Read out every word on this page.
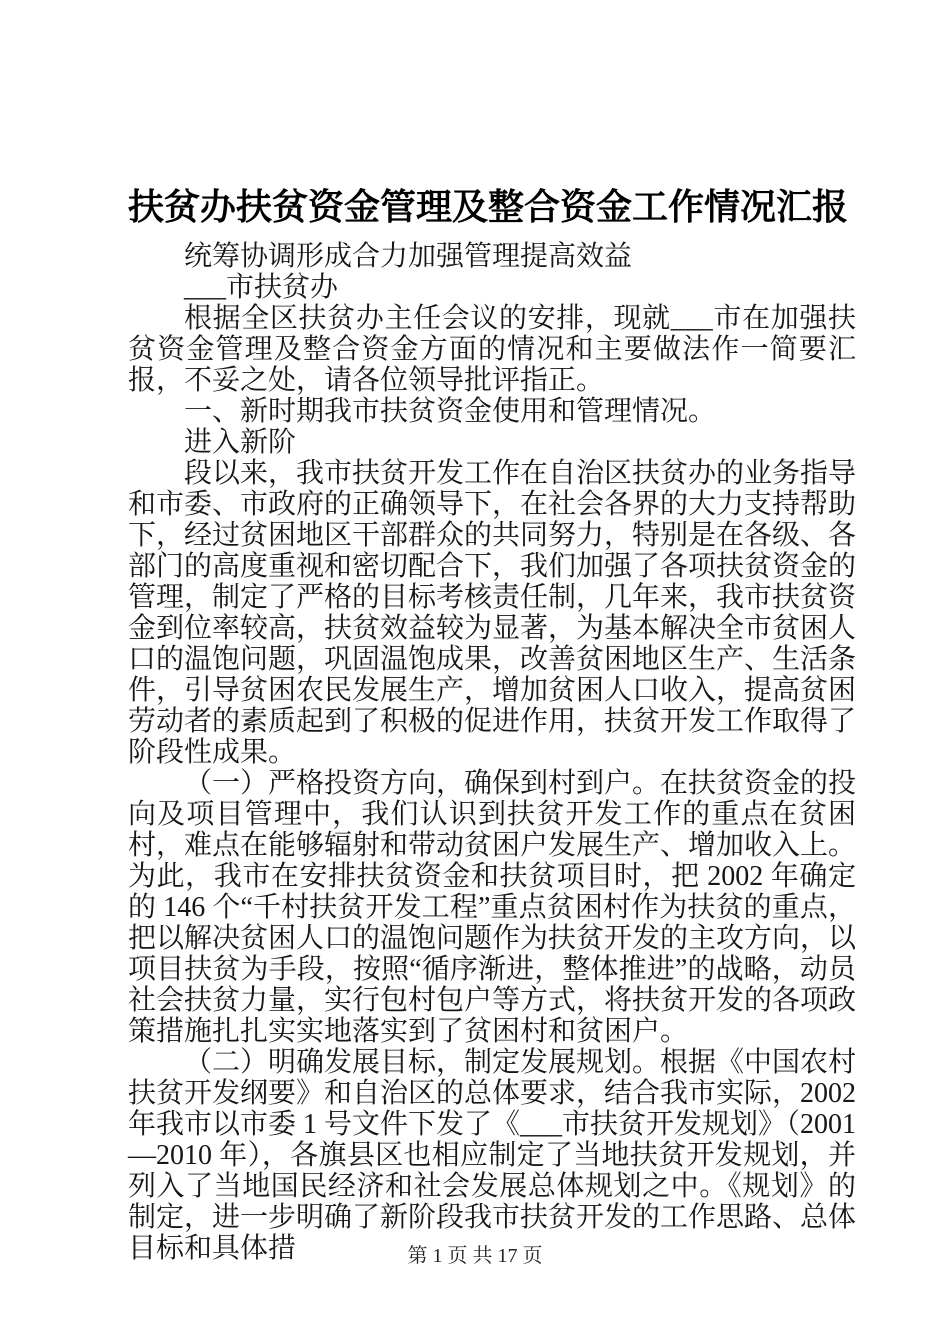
扶贫办扶贫资金管理及整合资金工作情况汇报

统筹协调形成合力加强管理提高效益

___市扶贫办

根据全区扶贫办主任会议的安排，现就___市在加强扶贫资金管理及整合资金方面的情况和主要做法作一简要汇报，不妥之处，请各位领导批评指正。

一、新时期我市扶贫资金使用和管理情况。

进入新阶

段以来，我市扶贫开发工作在自治区扶贫办的业务指导和市委、市政府的正确领导下，在社会各界的大力支持帮助下，经过贫困地区干部群众的共同努力，特别是在各级、各部门的高度重视和密切配合下，我们加强了各项扶贫资金的管理，制定了严格的目标考核责任制，几年来，我市扶贫资金到位率较高，扶贫效益较为显著，为基本解决全市贫困人口的温饱问题，巩固温饱成果，改善贫困地区生产、生活条件，引导贫困农民发展生产，增加贫困人口收入，提高贫困劳动者的素质起到了积极的促进作用，扶贫开发工作取得了阶段性成果。

（一）严格投资方向，确保到村到户。在扶贫资金的投向及项目管理中，我们认识到扶贫开发工作的重点在贫困村，难点在能够辐射和带动贫困户发展生产、增加收入上。为此，我市在安排扶贫资金和扶贫项目时，把 2002 年确定的 146 个“千村扶贫开发工程”重点贫困村作为扶贫的重点，把以解决贫困人口的温饱问题作为扶贫开发的主攻方向，以项目扶贫为手段，按照“循序渐进，整体推进”的战略，动员社会扶贫力量，实行包村包户等方式，将扶贫开发的各项政策措施扎扎实实地落实到了贫困村和贫困户。

（二）明确发展目标，制定发展规划。根据《中国农村扶贫开发纲要》和自治区的总体要求，结合我市实际，2002 年我市以市委 1 号文件下发了《___市扶贫开发规划》（2001—2010 年），各旗县区也相应制定了当地扶贫开发规划，并列入了当地国民经济和社会发展总体规划之中。《规划》的制定，进一步明确了新阶段我市扶贫开发的工作思路、总体目标和具体措	第 1 页 共 17 页
